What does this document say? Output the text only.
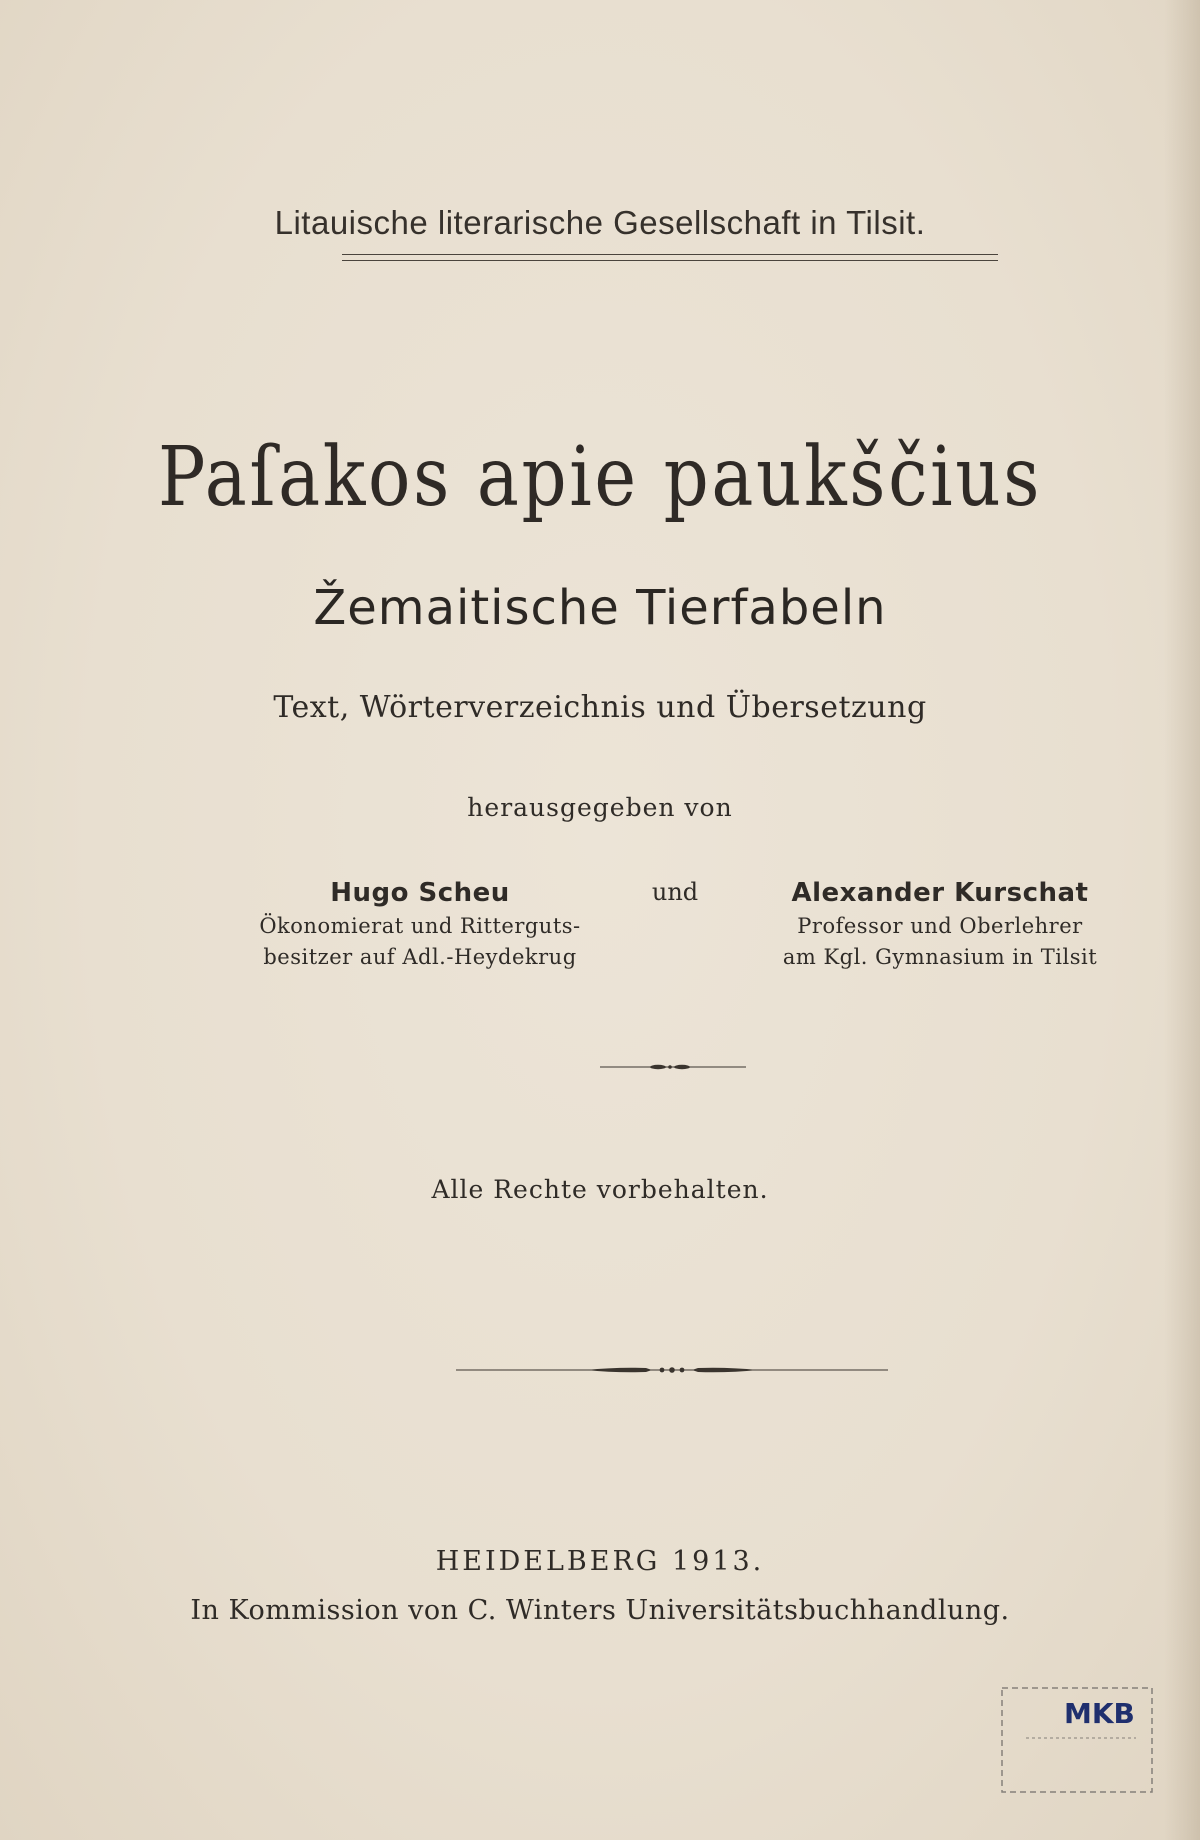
Litauische literarische Gesellschaft in Tilsit.
Paſakos apie paukščius
Žemaitische Tierfabeln
Text, Wörterverzeichnis und Übersetzung
herausgegeben von
Hugo Scheu
Ökonomierat und Ritterguts-
besitzer auf Adl.-Heydekrug
und	Alexander Kurschat
Professor und Oberlehrer
am Kgl. Gymnasium in Tilsit
Alle Rechte vorbehalten.
HEIDELBERG 1913.
In Kommission von C. Winters Universitätsbuchhandlung.
MKB
